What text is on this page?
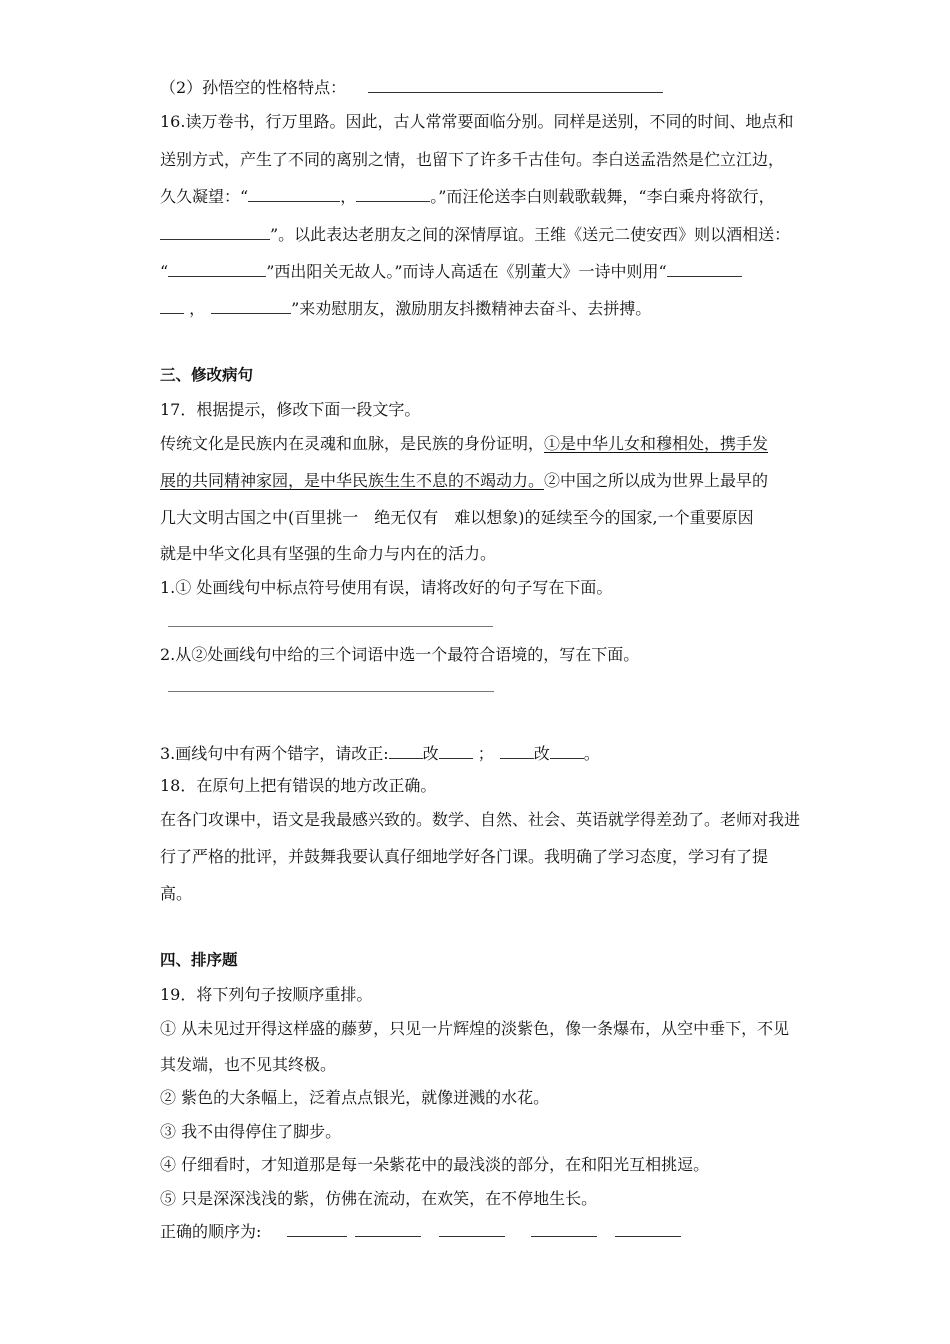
（2）孙悟空的性格特点：
16.读万卷书，行万里路。因此，古人常常要面临分别。同样是送别，不同的时间、地点和
送别方式，产生了不同的离别之情，也留下了许多千古佳句。李白送孟浩然是伫立江边，
久久凝望：“	，	。”而汪伦送李白则载歌载舞，“李白乘舟将欲行，
”。以此表达老朋友之间的深情厚谊。王维《送元二使安西》则以酒相送：
“	”西出阳关无故人。”而诗人高适在《别董大》一诗中则用“
，	”来劝慰朋友，激励朋友抖擞精神去奋斗、去拼搏。
三、修改病句
17．根据提示，修改下面一段文字。
传统文化是民族内在灵魂和血脉，是民族的身份证明，①是中华儿女和穆相处，携手发
展的共同精神家园，是中华民族生生不息的不竭动力。②中国之所以成为世界上最早的
几大文明古国之中(百里挑一　绝无仅有　难以想象)的延续至今的国家,一个重要原因
就是中华文化具有坚强的生命力与内在的活力。
1.① 处画线句中标点符号使用有误，请将改好的句子写在下面。
2.从②处画线句中给的三个词语中选一个最符合语境的，写在下面。
3.画线句中有两个错字，请改正: 改 ；	改 。
18．在原句上把有错误的地方改正确。
在各门攻课中，语文是我最感兴致的。数学、自然、社会、英语就学得差劲了。老师对我进
行了严格的批评，并鼓舞我要认真仔细地学好各门课。我明确了学习态度，学习有了提
高。
四、排序题
19．将下列句子按顺序重排。
① 从未见过开得这样盛的藤萝，只见一片辉煌的淡紫色，像一条爆布，从空中垂下，不见
其发端，也不见其终极。
② 紫色的大条幅上，泛着点点银光，就像迸溅的水花。
③ 我不由得停住了脚步。
④ 仔细看时，才知道那是每一朵紫花中的最浅淡的部分，在和阳光互相挑逗。
⑤ 只是深深浅浅的紫，仿佛在流动，在欢笑，在不停地生长。
正确的顺序为:
